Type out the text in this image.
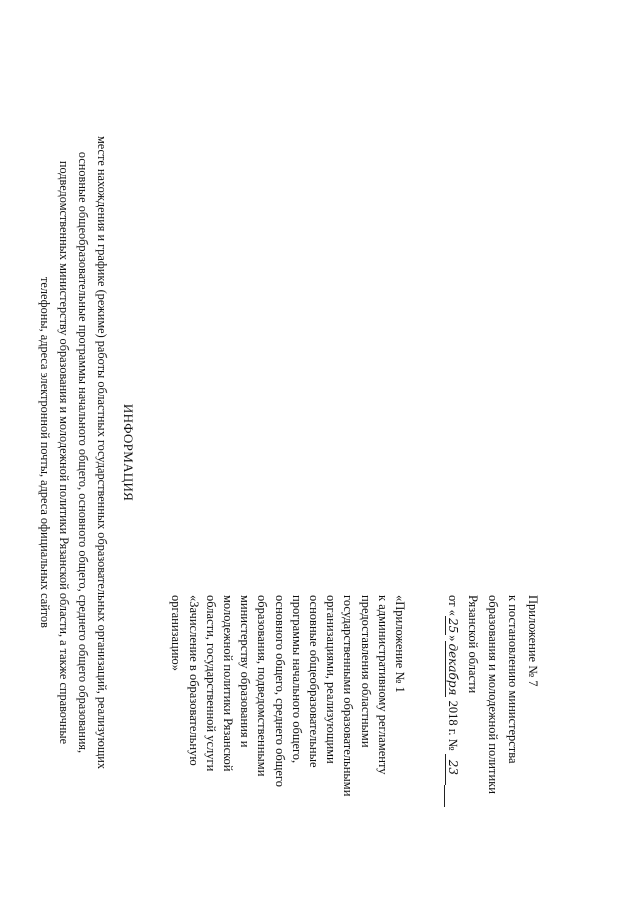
Приложение № 7
к постановлению министерства
образования и молодежной политики
Рязанской области
от «25»декабря 2018 г. № 23
«Приложение № 1
к административному регламенту
предоставления областными
государственными образовательными
организациями, реализующими
основные общеобразовательные
программы начального общего,
основного общего, среднего общего
образования, подведомственными
министерству образования и
молодежной политики Рязанской
области, государственной услуги
«Зачисление в образовательную
организацию»
ИНФОРМАЦИЯ
месте нахождения и графике (режиме) работы областных государственных образовательных организаций, реализующих
основные общеобразовательные программы начального общего, основного общего, среднего общего образования,
подведомственных министерству образования и молодежной политики Рязанской области, а также справочные
телефоны, адреса электронной почты, адреса официальных сайтов
